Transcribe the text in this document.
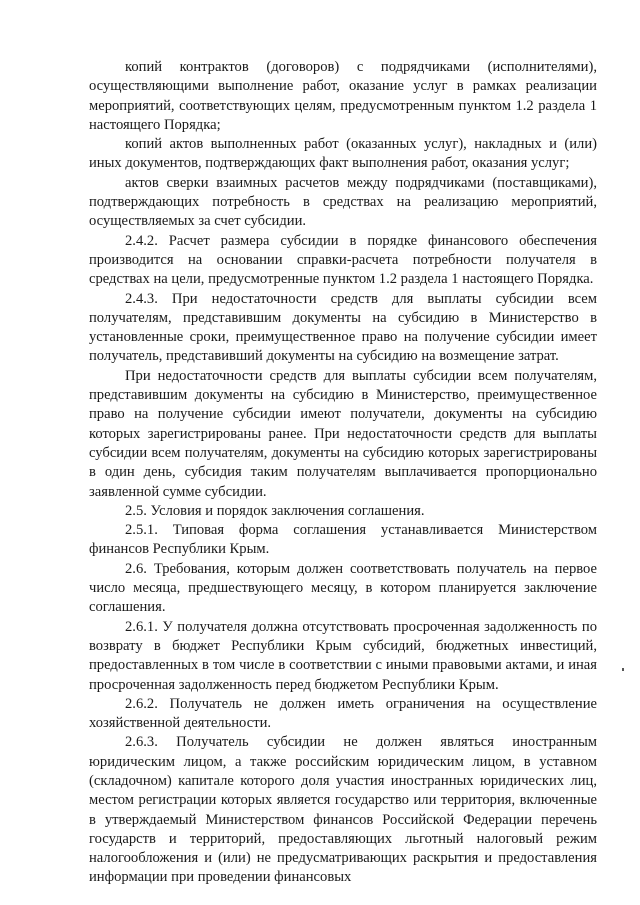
копий контрактов (договоров) с подрядчиками (исполнителями), осуществляющими выполнение работ, оказание услуг в рамках реализации мероприятий, соответствующих целям, предусмотренным пунктом 1.2 раздела 1 настоящего Порядка;

копий актов выполненных работ (оказанных услуг), накладных и (или) иных документов, подтверждающих факт выполнения работ, оказания услуг;

актов сверки взаимных расчетов между подрядчиками (поставщиками), подтверждающих потребность в средствах на реализацию мероприятий, осуществляемых за счет субсидии.

2.4.2. Расчет размера субсидии в порядке финансового обеспечения производится на основании справки-расчета потребности получателя в средствах на цели, предусмотренные пунктом 1.2 раздела 1 настоящего Порядка.

2.4.3. При недостаточности средств для выплаты субсидии всем получателям, представившим документы на субсидию в Министерство в установленные сроки, преимущественное право на получение субсидии имеет получатель, представивший документы на субсидию на возмещение затрат.

При недостаточности средств для выплаты субсидии всем получателям, представившим документы на субсидию в Министерство, преимущественное право на получение субсидии имеют получатели, документы на субсидию которых зарегистрированы ранее. При недостаточности средств для выплаты субсидии всем получателям, документы на субсидию которых зарегистрированы в один день, субсидия таким получателям выплачивается пропорционально заявленной сумме субсидии.

2.5. Условия и порядок заключения соглашения.

2.5.1. Типовая форма соглашения устанавливается Министерством финансов Республики Крым.

2.6. Требования, которым должен соответствовать получатель на первое число месяца, предшествующего месяцу, в котором планируется заключение соглашения.

2.6.1. У получателя должна отсутствовать просроченная задолженность по возврату в бюджет Республики Крым субсидий, бюджетных инвестиций, предоставленных в том числе в соответствии с иными правовыми актами, и иная просроченная задолженность перед бюджетом Республики Крым.

2.6.2. Получатель не должен иметь ограничения на осуществление хозяйственной деятельности.

2.6.3. Получатель субсидии не должен являться иностранным юридическим лицом, а также российским юридическим лицом, в уставном (складочном) капитале которого доля участия иностранных юридических лиц, местом регистрации которых является государство или территория, включенные в утверждаемый Министерством финансов Российской Федерации перечень государств и территорий, предоставляющих льготный налоговый режим налогообложения и (или) не предусматривающих раскрытия и предоставления информации при проведении финансовых
